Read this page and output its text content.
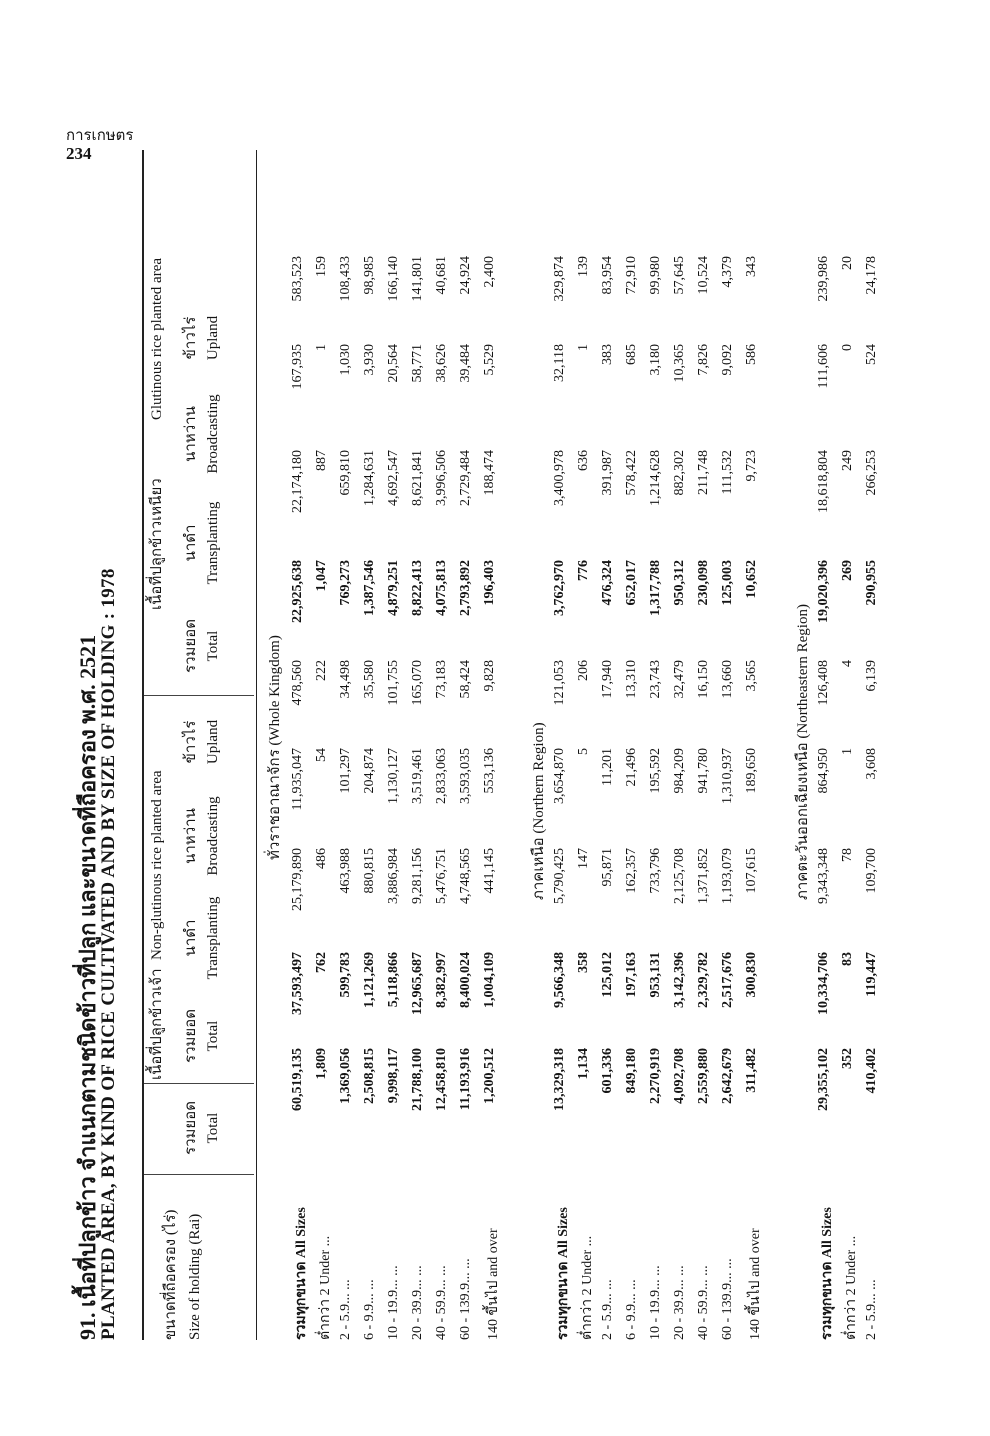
การเกษตร
234
91. เนื้อที่ปลูกข้าว จำแนกตามชนิดข้าวที่ปลูก และขนาดที่ถือครอง พ.ศ. 2521
PLANTED AREA, BY KIND OF RICE CULTIVATED AND BY SIZE OF HOLDING : 1978	ขนาดที่ถือครอง (ไร่) Size of holding (Rai)
รวมยอด Total
เนื้อที่ปลูกข้าวเจ้า
Non-glutinous rice planted area
เนื้อที่ปลูกข้าวเหนียว
Glutinous rice planted area
รวมยอด Total
นาดำ Transplanting
นาหว่าน Broadcasting
ข้าวไร่ Upland
รวมยอด Total
นาดำ Transplanting
นาหว่าน Broadcasting
ข้าวไร่ Upland
ทั่วราชอาณาจักร (Whole Kingdom)
รวมทุกขนาด All Sizes
60,519,135
37,593,497
25,179,890
11,935,047
478,560
22,925,638
22,174,180
167,935
583,523
ต่ำกว่า 2 Under ...
1,809
762
486
54
222
1,047
887
1
159
2 - 5.9... ...
1,369,056
599,783
463,988
101,297
34,498
769,273
659,810
1,030
108,433
6 - 9.9... ...
2,508,815
1,121,269
880,815
204,874
35,580
1,387,546
1,284,631
3,930
98,985
10 - 19.9... ...
9,998,117
5,118,866
3,886,984
1,130,127
101,755
4,879,251
4,692,547
20,564
166,140
20 - 39.9... ...
21,788,100
12,965,687
9,281,156
3,519,461
165,070
8,822,413
8,621,841
58,771
141,801
40 - 59.9... ...
12,458,810
8,382,997
5,476,751
2,833,063
73,183
4,075,813
3,996,506
38,626
40,681
60 - 139.9... ...
11,193,916
8,400,024
4,748,565
3,593,035
58,424
2,793,892
2,729,484
39,484
24,924
140 ขึ้นไป and over
1,200,512
1,004,109
441,145
553,136
9,828
196,403
188,474
5,529
2,400
ภาคเหนือ (Northern Region)
รวมทุกขนาด All Sizes
13,329,318
9,566,348
5,790,425
3,654,870
121,053
3,762,970
3,400,978
32,118
329,874
ต่ำกว่า 2 Under ...
1,134
358
147
5
206
776
636
1
139
2 - 5.9... ...
601,336
125,012
95,871
11,201
17,940
476,324
391,987
383
83,954
6 - 9.9... ...
849,180
197,163
162,357
21,496
13,310
652,017
578,422
685
72,910
10 - 19.9... ...
2,270,919
953,131
733,796
195,592
23,743
1,317,788
1,214,628
3,180
99,980
20 - 39.9... ...
4,092,708
3,142,396
2,125,708
984,209
32,479
950,312
882,302
10,365
57,645
40 - 59.9... ...
2,559,880
2,329,782
1,371,852
941,780
16,150
230,098
211,748
7,826
10,524
60 - 139.9... ...
2,642,679
2,517,676
1,193,079
1,310,937
13,660
125,003
111,532
9,092
4,379
140 ขึ้นไป and over
311,482
300,830
107,615
189,650
3,565
10,652
9,723
586
343
ภาคตะวันออกเฉียงเหนือ (Northeastern Region)
รวมทุกขนาด All Sizes
29,355,102
10,334,706
9,343,348
864,950
126,408
19,020,396
18,618,804
111,606
239,986
ต่ำกว่า 2 Under ...
352
83
78
1
4
269
249
0
20
2 - 5.9... ...
410,402
119,447
109,700
3,608
6,139
290,955
266,253
524
24,178
